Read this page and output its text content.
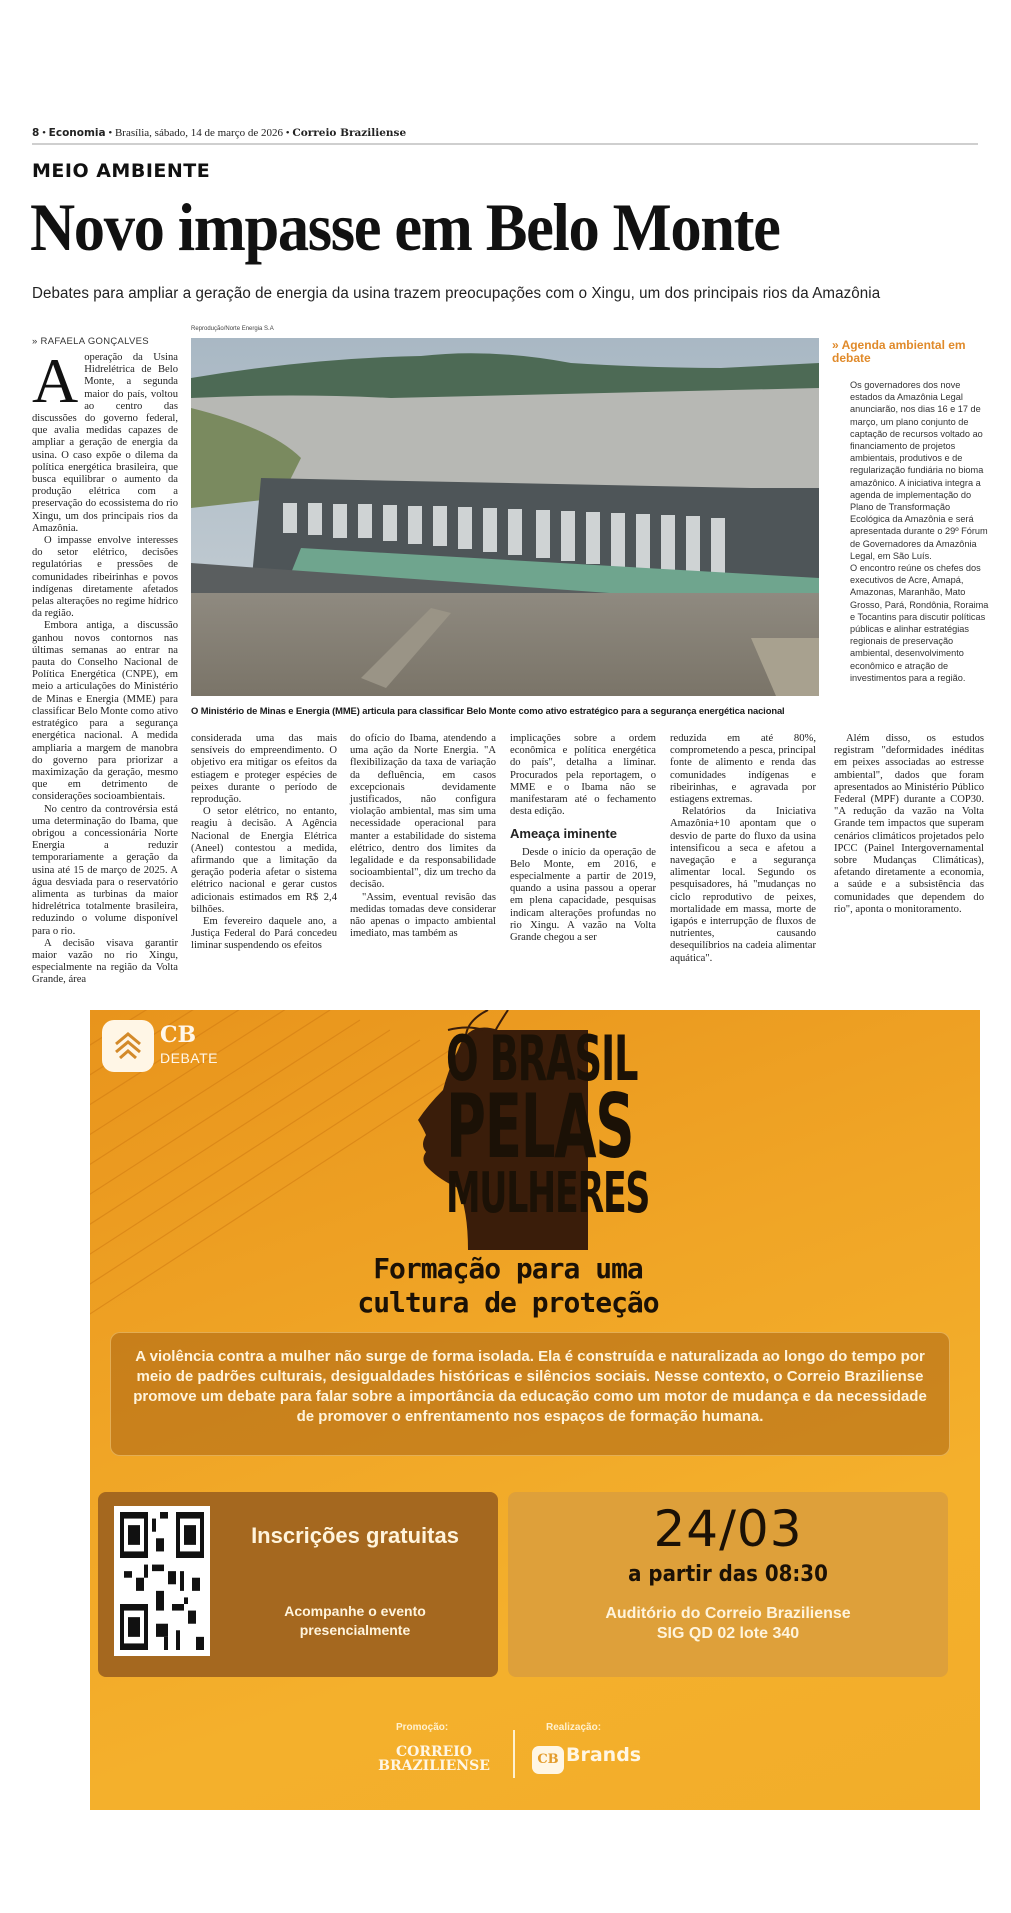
8 • Economia • Brasília, sábado, 14 de março de 2026 • Correio Braziliense
MEIO AMBIENTE
Novo impasse em Belo Monte
Debates para ampliar a geração de energia da usina trazem preocupações com o Xingu, um dos principais rios da Amazônia
» RAFAELA GONÇALVES

Aoperação da Usina Hidrelétrica de Belo Monte, a segunda maior do país, voltou ao centro das discussões do governo federal, que avalia medidas capazes de ampliar a geração de energia da usina. O caso expõe o dilema da política energética brasileira, que busca equilibrar o aumento da produção elétrica com a preservação do ecossistema do rio Xingu, um dos principais rios da Amazônia.

O impasse envolve interesses do setor elétrico, decisões regulatórias e pressões de comunidades ribeirinhas e povos indígenas diretamente afetados pelas alterações no regime hídrico da região.

Embora antiga, a discussão ganhou novos contornos nas últimas semanas ao entrar na pauta do Conselho Nacional de Política Energética (CNPE), em meio a articulações do Ministério de Minas e Energia (MME) para classificar Belo Monte como ativo estratégico para a segurança energética nacional. A medida ampliaria a margem de manobra do governo para priorizar a maximização da geração, mesmo que em detrimento de considerações socioambientais.

No centro da controvérsia está uma determinação do Ibama, que obrigou a concessionária Norte Energia a reduzir temporariamente a geração da usina até 15 de março de 2025. A água desviada para o reservatório alimenta as turbinas da maior hidrelétrica totalmente brasileira, reduzindo o volume disponível para o rio.

A decisão visava garantir maior vazão no rio Xingu, especialmente na região da Volta Grande, área

Reprodução/Norte Energia S.A
O Ministério de Minas e Energia (MME) articula para classificar Belo Monte como ativo estratégico para a segurança energética nacional
» Agenda ambiental em debate

Os governadores dos nove estados da Amazônia Legal anunciarão, nos dias 16 e 17 de março, um plano conjunto de captação de recursos voltado ao financiamento de projetos ambientais, produtivos e de regularização fundiária no bioma amazônico. A iniciativa integra a agenda de implementação do Plano de Transformação Ecológica da Amazônia e será apresentada durante o 29º Fórum de Governadores da Amazônia Legal, em São Luís.

O encontro reúne os chefes dos executivos de Acre, Amapá, Amazonas, Maranhão, Mato Grosso, Pará, Rondônia, Roraima e Tocantins para discutir políticas públicas e alinhar estratégias regionais de preservação ambiental, desenvolvimento econômico e atração de investimentos para a região.

considerada uma das mais sensíveis do empreendimento. O objetivo era mitigar os efeitos da estiagem e proteger espécies de peixes durante o período de reprodução.

O setor elétrico, no entanto, reagiu à decisão. A Agência Nacional de Energia Elétrica (Aneel) contestou a medida, afirmando que a limitação da geração poderia afetar o sistema elétrico nacional e gerar custos adicionais estimados em R$ 2,4 bilhões.

Em fevereiro daquele ano, a Justiça Federal do Pará concedeu liminar suspendendo os efeitos

do ofício do Ibama, atendendo a uma ação da Norte Energia. "A flexibilização da taxa de variação da defluência, em casos excepcionais devidamente justificados, não configura violação ambiental, mas sim uma necessidade operacional para manter a estabilidade do sistema elétrico, dentro dos limites da legalidade e da responsabilidade socioambiental", diz um trecho da decisão.

"Assim, eventual revisão das medidas tomadas deve considerar não apenas o impacto ambiental imediato, mas também as

implicações sobre a ordem econômica e política energética do país", detalha a liminar. Procurados pela reportagem, o MME e o Ibama não se manifestaram até o fechamento desta edição.

Ameaça iminente

Desde o início da operação de Belo Monte, em 2016, e especialmente a partir de 2019, quando a usina passou a operar em plena capacidade, pesquisas indicam alterações profundas no rio Xingu. A vazão na Volta Grande chegou a ser

reduzida em até 80%, comprometendo a pesca, principal fonte de alimento e renda das comunidades indígenas e ribeirinhas, e agravada por estiagens extremas.

Relatórios da Iniciativa Amazônia+10 apontam que o desvio de parte do fluxo da usina intensificou a seca e afetou a navegação e a segurança alimentar local. Segundo os pesquisadores, há "mudanças no ciclo reprodutivo de peixes, mortalidade em massa, morte de igapós e interrupção de fluxos de nutrientes, causando desequilíbrios na cadeia alimentar aquática".

Além disso, os estudos registram "deformidades inéditas em peixes associadas ao estresse ambiental", dados que foram apresentados ao Ministério Público Federal (MPF) durante a COP30. "A redução da vazão na Volta Grande tem impactos que superam cenários climáticos projetados pelo IPCC (Painel Intergovernamental sobre Mudanças Climáticas), afetando diretamente a economia, a saúde e a subsistência das comunidades que dependem do rio", aponta o monitoramento.

CB
DEBATE	O BRASIL
PELAS
MULHERES
Formação para uma cultura de proteção
A violência contra a mulher não surge de forma isolada. Ela é construída e naturalizada ao longo do tempo por meio de padrões culturais, desigualdades históricas e silêncios sociais. Nesse contexto, o Correio Braziliense promove um debate para falar sobre a importância da educação como um motor de mudança e da necessidade de promover o enfrentamento nos espaços de formação humana.
Inscrições gratuitas
Acompanhe o evento presencialmente
24/03
a partir das 08:30
Auditório do Correio Braziliense
SIG QD 02 lote 340
Promoção:
CORREIO
BRAZILIENSE
Realização:
CB Brands
